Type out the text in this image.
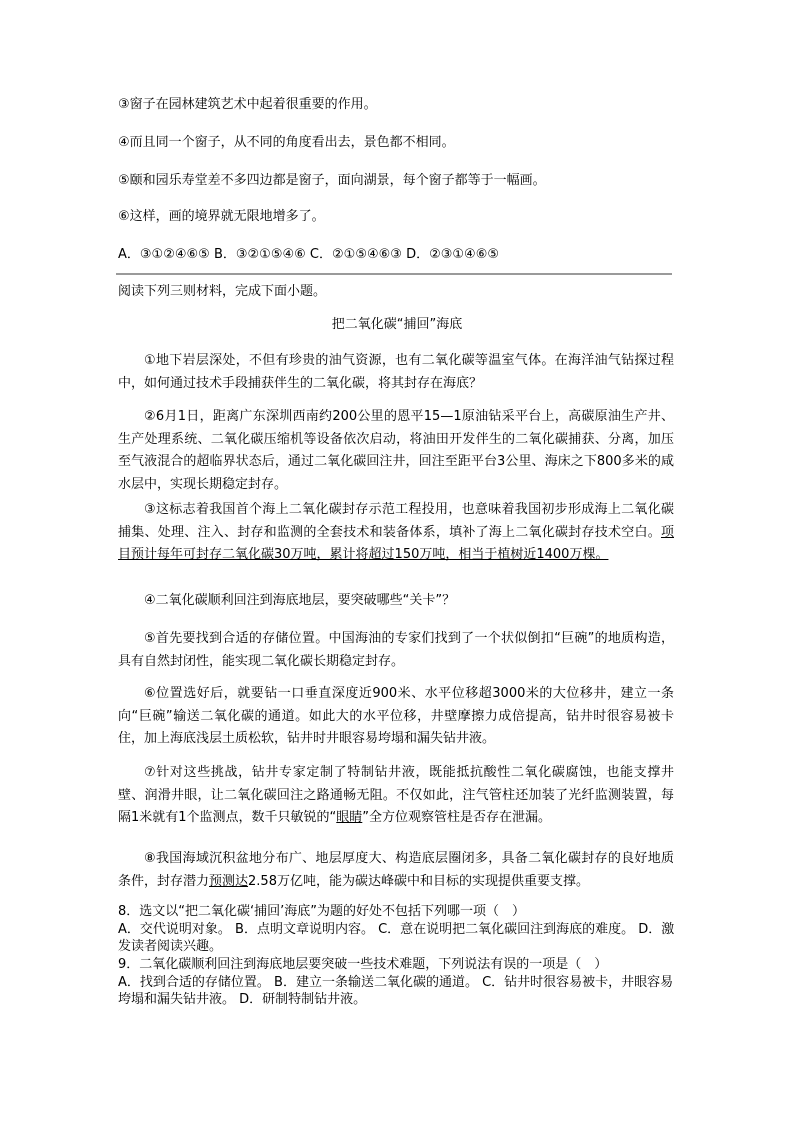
③窗子在园林建筑艺术中起着很重要的作用。
④而且同一个窗子，从不同的角度看出去，景色都不相同。
⑤颐和园乐寿堂差不多四边都是窗子，面向湖景，每个窗子都等于一幅画。
⑥这样，画的境界就无限地增多了。
A．③①②④⑥⑤ B．③②①⑤④⑥ C．②①⑤④⑥③ D．②③①④⑥⑤
阅读下列三则材料，完成下面小题。
把二氧化碳“捕回”海底
①地下岩层深处，不但有珍贵的油气资源，也有二氧化碳等温室气体。在海洋油气钻探过程中，如何通过技术手段捕获伴生的二氧化碳，将其封存在海底？
②6月1日，距离广东深圳西南约200公里的恩平15—1原油钻采平台上，高碳原油生产井、生产处理系统、二氧化碳压缩机等设备依次启动，将油田开发伴生的二氧化碳捕获、分离，加压至气液混合的超临界状态后，通过二氧化碳回注井，回注至距平台3公里、海床之下800多米的咸水层中，实现长期稳定封存。
③这标志着我国首个海上二氧化碳封存示范工程投用，也意味着我国初步形成海上二氧化碳捕集、处理、注入、封存和监测的全套技术和装备体系，填补了海上二氧化碳封存技术空白。项目预计每年可封存二氧化碳30万吨，累计将超过150万吨，相当于植树近1400万棵。
④二氧化碳顺利回注到海底地层，要突破哪些“关卡”？
⑤首先要找到合适的存储位置。中国海油的专家们找到了一个状似倒扣“巨碗”的地质构造，具有自然封闭性，能实现二氧化碳长期稳定封存。
⑥位置选好后，就要钻一口垂直深度近900米、水平位移超3000米的大位移井，建立一条向“巨碗”输送二氧化碳的通道。如此大的水平位移，井壁摩擦力成倍提高，钻井时很容易被卡住，加上海底浅层土质松软，钻井时井眼容易垮塌和漏失钻井液。
⑦针对这些挑战，钻井专家定制了特制钻井液，既能抵抗酸性二氧化碳腐蚀，也能支撑井壁、润滑井眼，让二氧化碳回注之路通畅无阻。不仅如此，注气管柱还加装了光纤监测装置，每隔1米就有1个监测点，数千只敏锐的“眼睛”全方位观察管柱是否存在泄漏。
⑧我国海域沉积盆地分布广、地层厚度大、构造底层圈闭多，具备二氧化碳封存的良好地质条件，封存潜力预测达2.58万亿吨，能为碳达峰碳中和目标的实现提供重要支撑。
8．选文以“把二氧化碳‘捕回’海底”为题的好处不包括下列哪一项（　）
A．交代说明对象。 B．点明文章说明内容。 C．意在说明把二氧化碳回注到海底的难度。 D．激发读者阅读兴趣。
9．二氧化碳顺利回注到海底地层要突破一些技术难题，下列说法有误的一项是（　）
A．找到合适的存储位置。 B．建立一条输送二氧化碳的通道。 C．钻井时很容易被卡，井眼容易垮塌和漏失钻井液。 D．研制特制钻井液。
